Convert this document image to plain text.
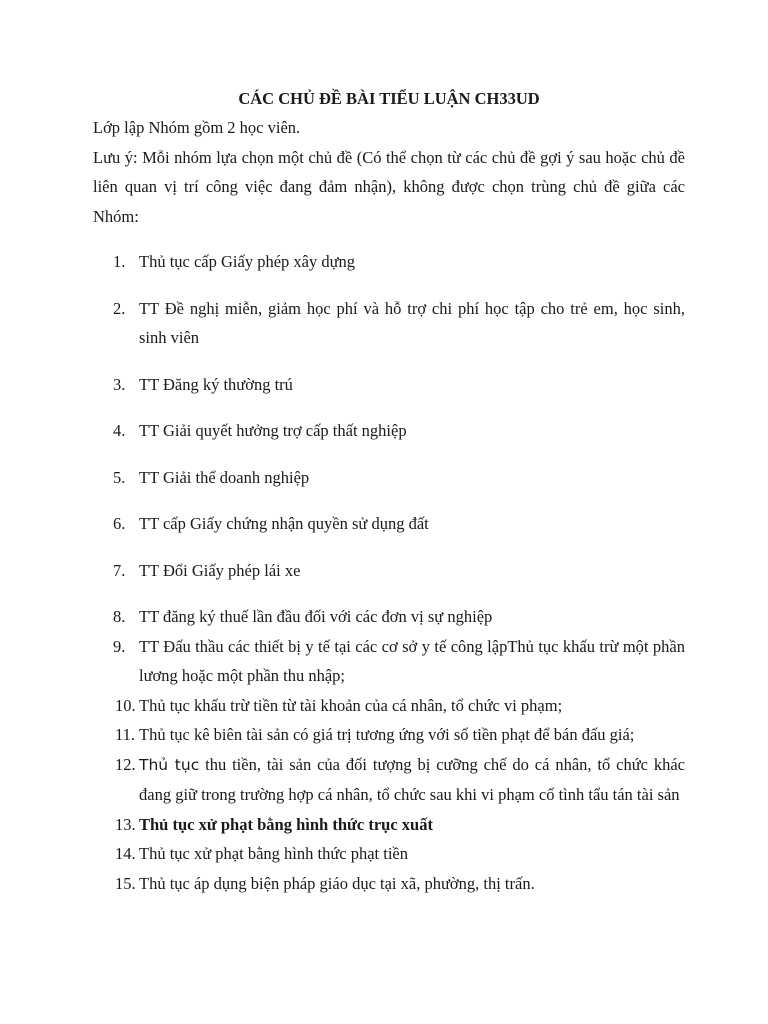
CÁC CHỦ ĐỀ BÀI TIỂU LUẬN CH33UD

Lớp lập Nhóm gồm 2 học viên.

Lưu ý: Mỗi nhóm lựa chọn một chủ đề (Có thể chọn từ các chủ đề gợi ý sau hoặc chủ đề liên quan vị trí công việc đang đảm nhận), không được chọn trùng chủ đề giữa các Nhóm:

1. Thủ tục cấp Giấy phép xây dựng
2. TT Đề nghị miễn, giảm học phí và hỗ trợ chi phí học tập cho trẻ em, học sinh, sinh viên
3. TT Đăng ký thường trú
4. TT Giải quyết hưởng trợ cấp thất nghiệp
5. TT Giải thể doanh nghiệp
6. TT cấp Giấy chứng nhận quyền sử dụng đất
7. TT Đổi Giấy phép lái xe
8. TT đăng ký thuế lần đầu đối với các đơn vị sự nghiệp
9. TT Đấu thầu các thiết bị y tế tại các cơ sở y tế công lậpThủ tục khấu trừ một phần lương hoặc một phần thu nhập;
10. Thủ tục khấu trừ tiền từ tài khoản của cá nhân, tổ chức vi phạm;
11. Thủ tục kê biên tài sản có giá trị tương ứng với số tiền phạt để bán đấu giá;
12. Thủ tục thu tiền, tài sản của đối tượng bị cưỡng chế do cá nhân, tổ chức khác đang giữ trong trường hợp cá nhân, tổ chức sau khi vi phạm cố tình tẩu tán tài sản
13. Thủ tục xử phạt bằng hình thức trục xuất
14. Thủ tục xử phạt bằng hình thức phạt tiền
15. Thủ tục áp dụng biện pháp giáo dục tại xã, phường, thị trấn.
